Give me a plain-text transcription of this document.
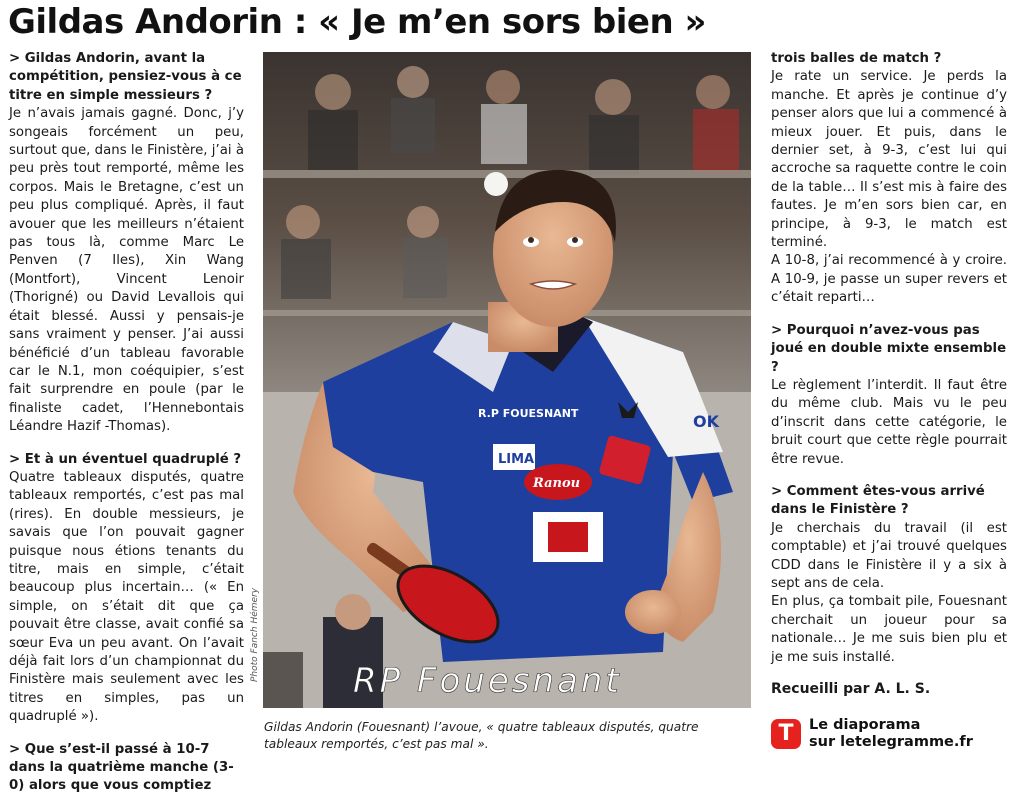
Gildas Andorin : « Je m’en sors bien »

> Gildas Andorin, avant la compétition, pensiez-vous à ce titre en simple messieurs ?

Je n’avais jamais gagné. Donc, j’y songeais forcément un peu, surtout que, dans le Finistère, j’ai à peu près tout remporté, même les corpos. Mais le Bretagne, c’est un peu plus compliqué. Après, il faut avouer que les meilleurs n’étaient pas tous là, comme Marc Le Penven (7 Iles), Xin Wang (Montfort), Vincent Lenoir (Thorigné) ou David Levallois qui était blessé. Aussi y pensais-je sans vraiment y penser. J’ai aussi bénéficié d’un tableau favorable car le N.1, mon coéquipier, s’est fait surprendre en poule (par le finaliste cadet, l’Hennebontais Léandre Hazif -Thomas).

> Et à un éventuel quadruplé ?

Quatre tableaux disputés, quatre tableaux remportés, c’est pas mal (rires). En double messieurs, je savais que l’on pouvait gagner puisque nous étions tenants du titre, mais en simple, c’était beaucoup plus incertain… (« En simple, on s’était dit que ça pouvait être classe, avait confié sa sœur Eva un peu avant. On l’avait déjà fait lors d’un championnat du Finistère mais seulement avec les titres en simples, pas un quadruplé »).

> Que s’est-il passé à 10-7 dans la quatrième manche (3-0) alors que vous comptiez

R.P FOUESNANT
LIMA
Ranou
OK
RP Fouesnant
Photo Fanch Hémery
Gildas Andorin (Fouesnant) l’avoue, « quatre tableaux disputés, quatre tableaux remportés, c’est pas mal ».

trois balles de match ?

Je rate un service. Je perds la manche. Et après je continue d’y penser alors que lui a commencé à mieux jouer. Et puis, dans le dernier set, à 9-3, c’est lui qui accroche sa raquette contre le coin de la table… Il s’est mis à faire des fautes. Je m’en sors bien car, en principe, à 9-3, le match est terminé.

A 10-8, j’ai recommencé à y croire. A 10-9, je passe un super revers et c’était reparti…

> Pourquoi n’avez-vous pas joué en double mixte ensemble ?

Le règlement l’interdit. Il faut être du même club. Mais vu le peu d’inscrit dans cette catégorie, le bruit court que cette règle pourrait être revue.

> Comment êtes-vous arrivé dans le Finistère ?

Je cherchais du travail (il est comptable) et j’ai trouvé quelques CDD dans le Finistère il y a six à sept ans de cela.

En plus, ça tombait pile, Fouesnant cherchait un joueur pour sa nationale… Je me suis bien plu et je me suis installé.

Recueilli par A. L. S.
T	Le diaporama
sur letelegramme.fr
